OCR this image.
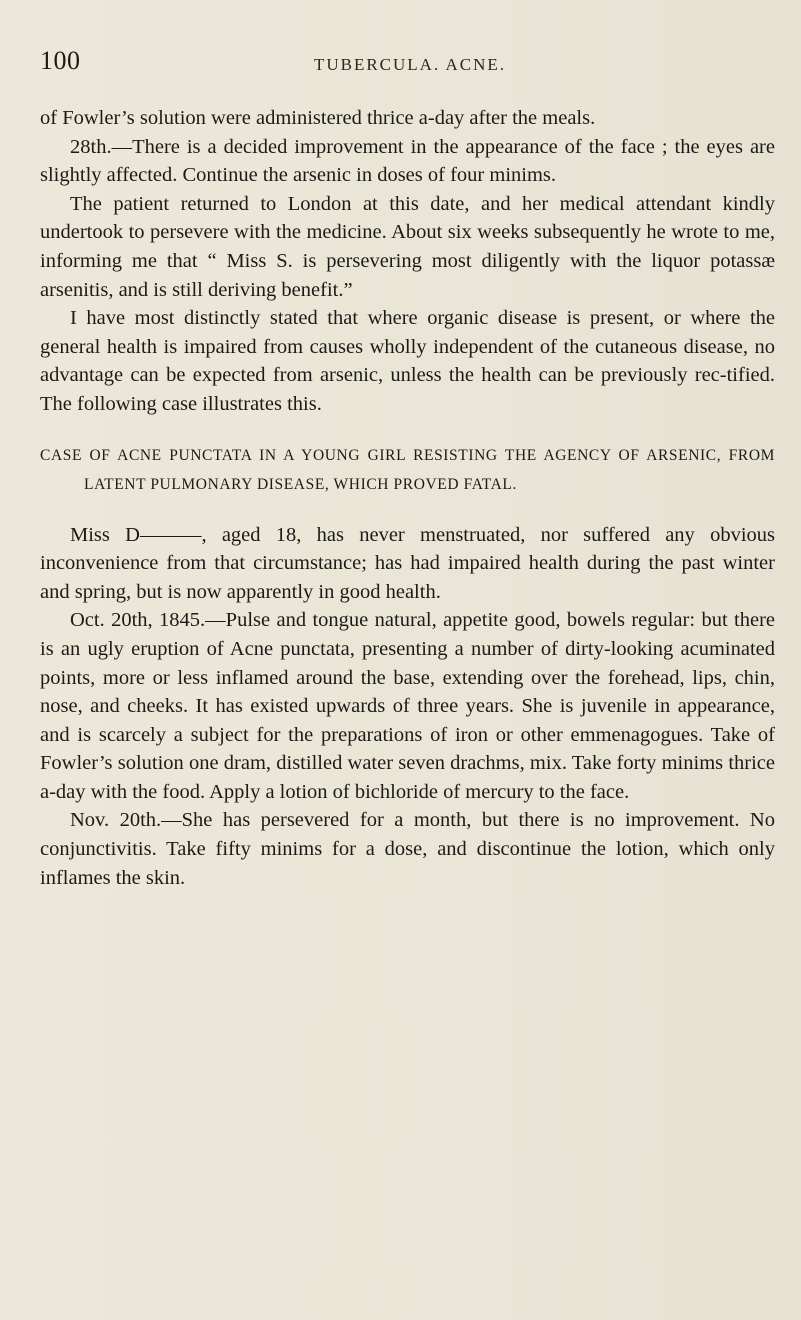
100	TUBERCULA. ACNE.

of Fowler’s solution were administered thrice a-day after the meals.

28th.—There is a decided improvement in the appearance of the face ; the eyes are slightly affected. Continue the arsenic in doses of four minims.

The patient returned to London at this date, and her medical attendant kindly undertook to persevere with the medicine. About six weeks subsequently he wrote to me, informing me that “ Miss S. is persevering most diligently with the liquor potassæ arsenitis, and is still deriving benefit.”

I have most distinctly stated that where organic disease is present, or where the general health is impaired from causes wholly independent of the cutaneous disease, no advantage can be expected from arsenic, unless the health can be previously rec-tified. The following case illustrates this.

CASE OF ACNE PUNCTATA IN A YOUNG GIRL RESISTING THE AGENCY OF ARSENIC, FROM LATENT PULMONARY DISEASE, WHICH PROVED FATAL.

Miss D———, aged 18, has never menstruated, nor suffered any obvious inconvenience from that circumstance; has had impaired health during the past winter and spring, but is now apparently in good health.

Oct. 20th, 1845.—Pulse and tongue natural, appetite good, bowels regular: but there is an ugly eruption of Acne punctata, presenting a number of dirty-looking acuminated points, more or less inflamed around the base, extending over the forehead, lips, chin, nose, and cheeks. It has existed upwards of three years. She is juvenile in appearance, and is scarcely a subject for the preparations of iron or other emmenagogues. Take of Fowler’s solution one dram, distilled water seven drachms, mix. Take forty minims thrice a-day with the food. Apply a lotion of bichloride of mercury to the face.

Nov. 20th.—She has persevered for a month, but there is no improvement. No conjunctivitis. Take fifty minims for a dose, and discontinue the lotion, which only inflames the skin.
